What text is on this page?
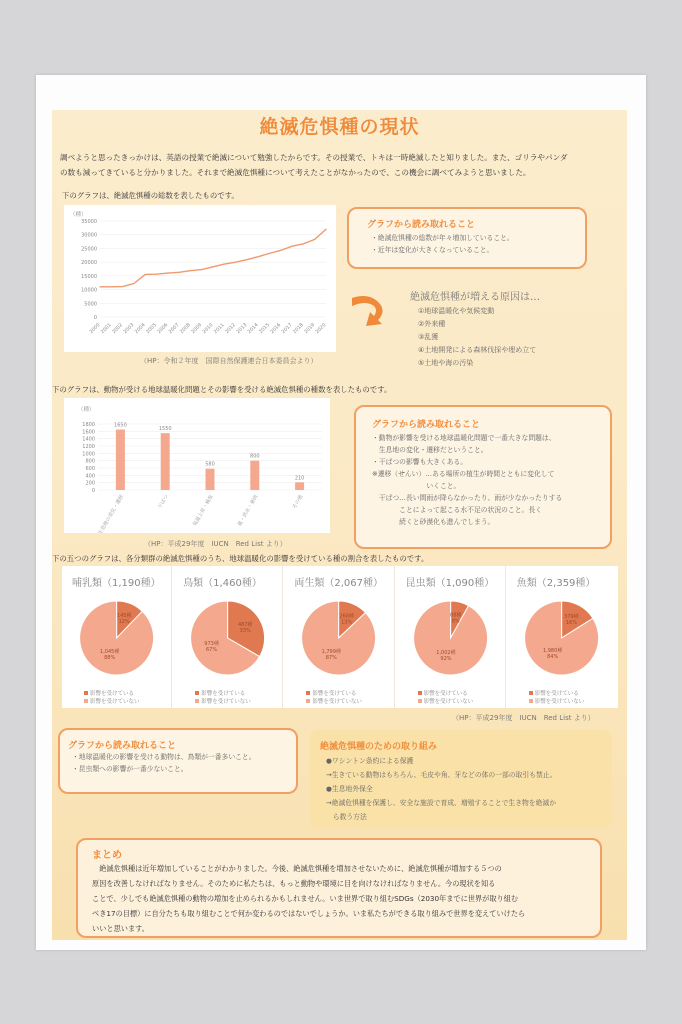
絶滅危惧種の現状
調べようと思ったきっかけは、英語の授業で絶滅について勉強したからです。その授業で、トキは一時絶滅したと知りました。また、ゴリラやパンダ
の数も減ってきていると分かりました。それまで絶滅危惧種について考えたことがなかったので、この機会に調べてみようと思いました。
下のグラフは、絶滅危惧種の総数を表したものです。
（種）
0
5000
10000
15000
20000
25000
30000
35000
2000 2001 2002 2003 2004 2005 2006 2007 2008 2009 2010 2011 2012 2013 2014 2015 2016 2017 2018 2019 2020
（HP：令和２年度　国際自然保護連合日本委員会より）
グラフから読み取れること
・絶滅危惧種の総数が年々増加していること。
・近年は変化が大きくなっていること。
絶滅危惧種が増える原因は…
①地球温暖化や気候変動
②外来種
③乱獲
④土地開発による森林伐採や埋め立て
⑤土地や海の汚染
下のグラフは、動物が受ける地球温暖化問題とその影響を受ける絶滅危惧種の種数を表したものです。
（種）
0
200
400
600
800
1000
1200
1400
1600
1800	1650
生息地の変化・遷移
1550
干ばつ
580
気温上昇・極度
800
嵐・洪水・豪雨
210
その他
（HP：平成29年度　IUCN　Red List より）
グラフから読み取れること
・動物が影響を受ける地球温暖化問題で一番大きな問題は、
　生息地の変化・遷移だということ。
・干ばつの影響も大きくある。
※遷移（せんい）…ある場所の植生が時間とともに変化して
　　　　　　　　いくこと。
　干ばつ…長い間雨が降らなかったり、雨が少なかったりする
　　　　ことによって起こる水不足の状況のこと。長く
　　　　続くと砂漠化も進んでしまう。
下の五つのグラフは、各分類群の絶滅危惧種のうち、地球温暖化の影響を受けている種の割合を表したものです。
哺乳類（1,190種）
145種 12%
1,045種 88%
影響を受けている
影響を受けていない
鳥類（1,460種）
487種 33%
973種 67%
影響を受けている
影響を受けていない
両生類（2,067種）
268種 13%
1,799種 87%
影響を受けている
影響を受けていない
昆虫類（1,090種）
88種 8%
1,002種 92%
影響を受けている
影響を受けていない
魚類（2,359種）
379種 16%
1,980種 84%
影響を受けている
影響を受けていない
（HP：平成29年度　IUCN　Red List より）
グラフから読み取れること
・地球温暖化の影響を受ける動物は、鳥類が一番多いこと。
・昆虫類への影響が一番少ないこと。
絶滅危惧種のための取り組み
●ワシントン条約による保護
→生きている動物はもちろん、毛皮や角、牙などの体の一部の取引も禁止。
●生息地外保全
→絶滅危惧種を保護し、安全な施設で育成、増殖することで生き物を絶滅か
　ら救う方法
まとめ
　絶滅危惧種は近年増加していることがわかりました。今後、絶滅危惧種を増加させないために、絶滅危惧種が増加する５つの
原因を改善しなければなりません。そのために私たちは、もっと動物や環境に目を向けなければなりません。今の現状を知る
ことで、少しでも絶滅危惧種の動物の増加を止められるかもしれません。いま世界で取り組むSDGs（2030年までに世界が取り組む
べき17の目標）に自分たちも取り組むことで何か変わるのではないでしょうか。いま私たちができる取り組みで世界を変えていけたら
いいと思います。
